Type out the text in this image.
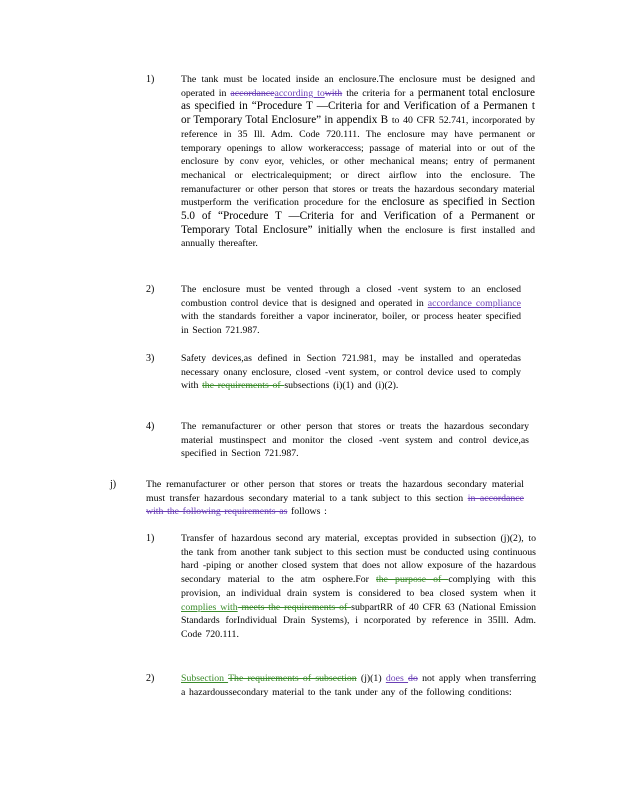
1)	The tank must be located inside an enclosure.The enclosure must be designed and operated in accordanceaccording towith the criteria for a permanent total enclosure as specified in “Procedure T —Criteria for and Verification of a Permanen t or Temporary Total Enclosure” in appendix B to 40 CFR 52.741, incorporated by reference in 35 Ill. Adm. Code 720.111. The enclosure may have permanent or temporary openings to allow workeraccess; passage of material into or out of the enclosure by conv eyor, vehicles, or other mechanical means; entry of permanent mechanical or electricalequipment; or direct airflow into the enclosure. The remanufacturer or other person that stores or treats the hazardous secondary material mustperform the verification procedure for the enclosure as specified in Section 5.0 of “Procedure T —Criteria for and Verification of a Permanent or Temporary Total Enclosure” initially when the enclosure is first installed and annually thereafter.
2)	The enclosure must be vented through a closed -vent system to an enclosed combustion control device that is designed and operated in accordance compliance with the standards foreither a vapor incinerator, boiler, or process heater specified in Section 721.987.
3)	Safety devices,as defined in Section 721.981, may be installed and operatedas necessary onany enclosure, closed -vent system, or control device used to comply with the requirements of subsections (i)(1) and (i)(2).
4)	The remanufacturer or other person that stores or treats the hazardous secondary material mustinspect and monitor the closed -vent system and control device,as specified in Section 721.987.
j)	The remanufacturer or other person that stores or treats the hazardous secondary material must transfer hazardous secondary material to a tank subject to this section in accordance with the following requirements as follows :
1)	Transfer of hazardous second ary material, exceptas provided in subsection (j)(2), to the tank from another tank subject to this section must be conducted using continuous hard -piping or another closed system that does not allow exposure of the hazardous secondary material to the atm osphere.For the purpose of complying with this provision, an individual drain system is considered to bea closed system when it complies with meets the requirements of subpartRR of 40 CFR 63 (National Emission Standards forIndividual Drain Systems), i ncorporated by reference in 35Ill. Adm. Code 720.111.
2)	Subsection The requirements of subsection (j)(1) does do not apply when transferring a hazardoussecondary material to the tank under any of the following conditions:
